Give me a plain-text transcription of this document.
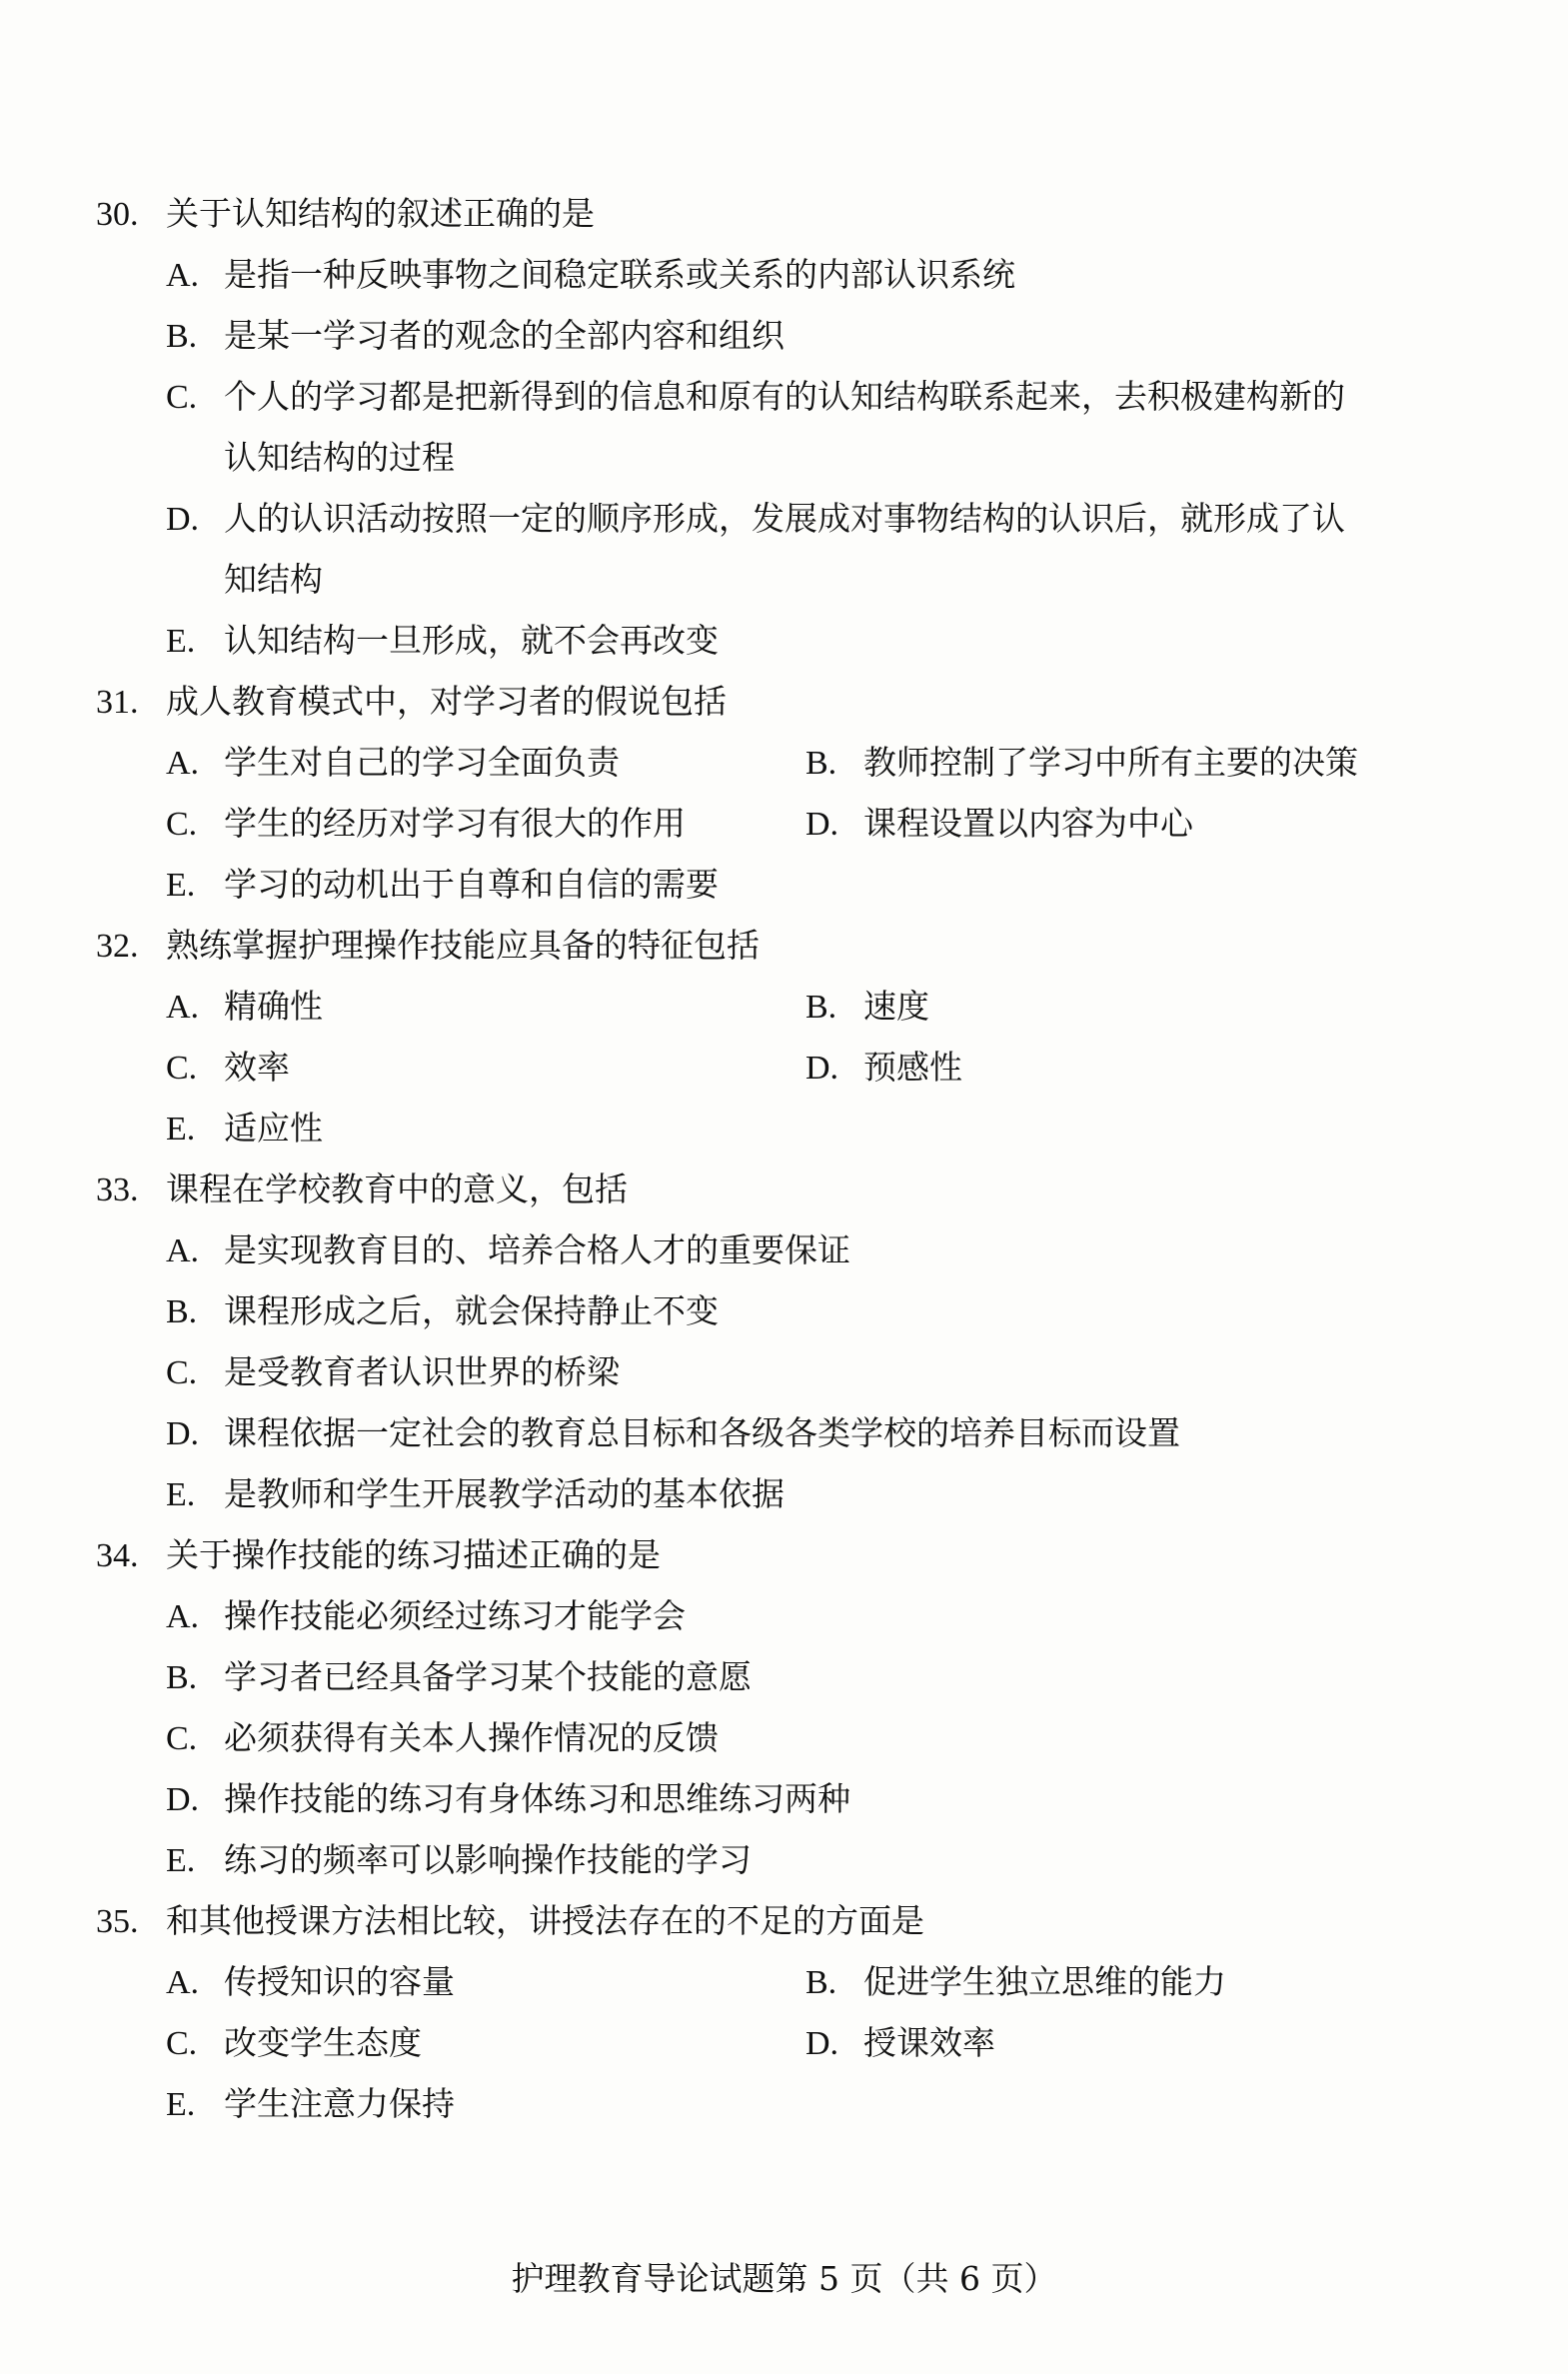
30. 关于认知结构的叙述正确的是
A. 是指一种反映事物之间稳定联系或关系的内部认识系统
B. 是某一学习者的观念的全部内容和组织
C. 个人的学习都是把新得到的信息和原有的认知结构联系起来，去积极建构新的
认知结构的过程
D. 人的认识活动按照一定的顺序形成，发展成对事物结构的认识后，就形成了认
知结构
E. 认知结构一旦形成，就不会再改变
31. 成人教育模式中，对学习者的假说包括
A. 学生对自己的学习全面负责	B. 教师控制了学习中所有主要的决策
C. 学生的经历对学习有很大的作用	D. 课程设置以内容为中心
E. 学习的动机出于自尊和自信的需要
32. 熟练掌握护理操作技能应具备的特征包括
A. 精确性	B. 速度
C. 效率	D. 预感性
E. 适应性
33. 课程在学校教育中的意义，包括
A. 是实现教育目的、培养合格人才的重要保证
B. 课程形成之后，就会保持静止不变
C. 是受教育者认识世界的桥梁
D. 课程依据一定社会的教育总目标和各级各类学校的培养目标而设置
E. 是教师和学生开展教学活动的基本依据
34. 关于操作技能的练习描述正确的是
A. 操作技能必须经过练习才能学会
B. 学习者已经具备学习某个技能的意愿
C. 必须获得有关本人操作情况的反馈
D. 操作技能的练习有身体练习和思维练习两种
E. 练习的频率可以影响操作技能的学习
35. 和其他授课方法相比较，讲授法存在的不足的方面是
A. 传授知识的容量	B. 促进学生独立思维的能力
C. 改变学生态度	D. 授课效率
E. 学生注意力保持
护理教育导论试题第 5 页（共 6 页）
